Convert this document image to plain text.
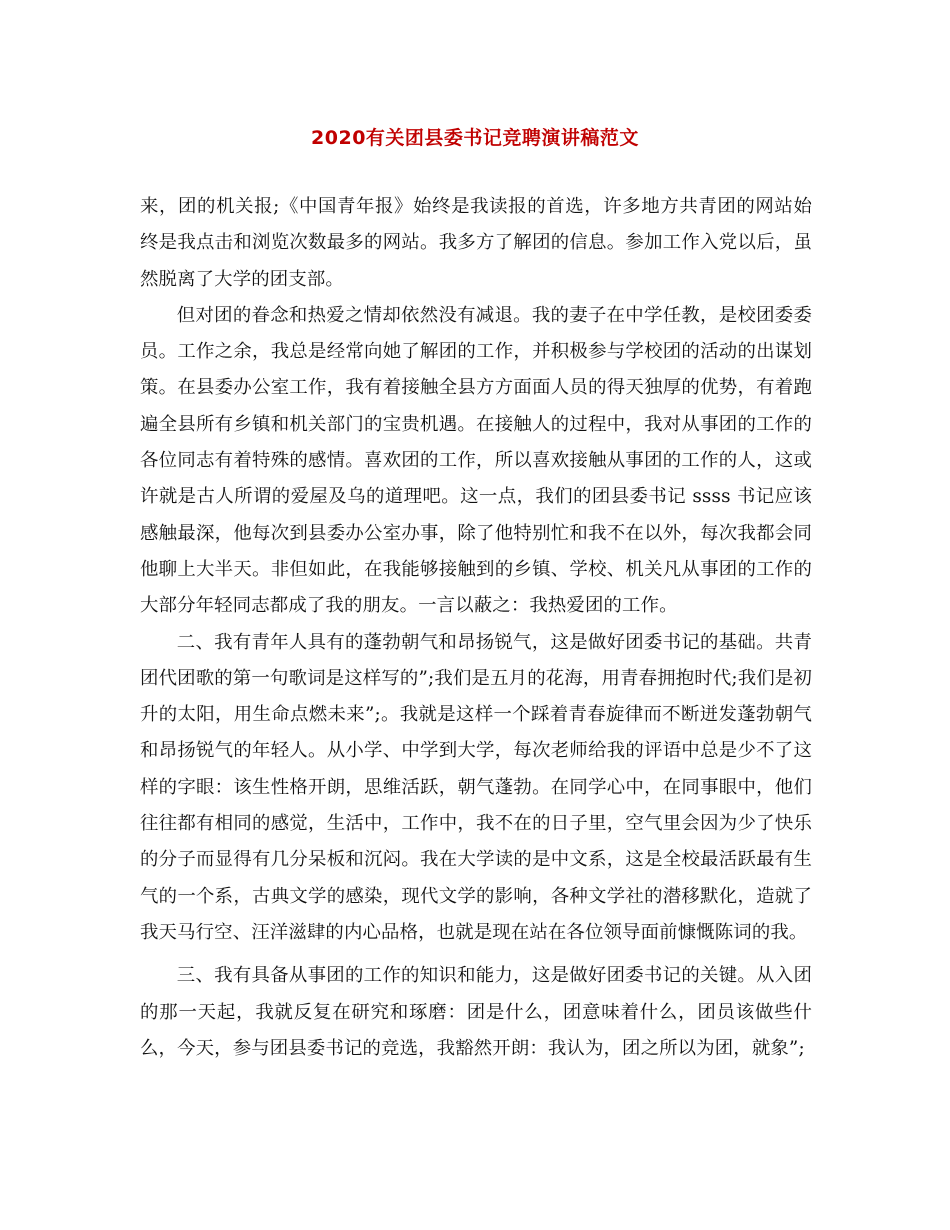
2020有关团县委书记竞聘演讲稿范文

来，团的机关报;《中国青年报》始终是我读报的首选，许多地方共青团的网站始终是我点击和浏览次数最多的网站。我多方了解团的信息。参加工作入党以后，虽然脱离了大学的团支部。

但对团的眷念和热爱之情却依然没有减退。我的妻子在中学任教，是校团委委员。工作之余，我总是经常向她了解团的工作，并积极参与学校团的活动的出谋划策。在县委办公室工作，我有着接触全县方方面面人员的得天独厚的优势，有着跑遍全县所有乡镇和机关部门的宝贵机遇。在接触人的过程中，我对从事团的工作的各位同志有着特殊的感情。喜欢团的工作，所以喜欢接触从事团的工作的人，这或许就是古人所谓的爱屋及乌的道理吧。这一点，我们的团县委书记 ssss 书记应该感触最深，他每次到县委办公室办事，除了他特别忙和我不在以外，每次我都会同他聊上大半天。非但如此，在我能够接触到的乡镇、学校、机关凡从事团的工作的大部分年轻同志都成了我的朋友。一言以蔽之：我热爱团的工作。

二、我有青年人具有的蓬勃朝气和昂扬锐气，这是做好团委书记的基础。共青团代团歌的第一句歌词是这样写的”;我们是五月的花海，用青春拥抱时代;我们是初升的太阳，用生命点燃未来”;。我就是这样一个踩着青春旋律而不断迸发蓬勃朝气和昂扬锐气的年轻人。从小学、中学到大学，每次老师给我的评语中总是少不了这样的字眼：该生性格开朗，思维活跃，朝气蓬勃。在同学心中，在同事眼中，他们往往都有相同的感觉，生活中，工作中，我不在的日子里，空气里会因为少了快乐的分子而显得有几分呆板和沉闷。我在大学读的是中文系，这是全校最活跃最有生气的一个系，古典文学的感染，现代文学的影响，各种文学社的潜移默化，造就了我天马行空、汪洋滋肆的内心品格，也就是现在站在各位领导面前慷慨陈词的我。

三、我有具备从事团的工作的知识和能力，这是做好团委书记的关键。从入团的那一天起，我就反复在研究和琢磨：团是什么，团意味着什么，团员该做些什么，今天，参与团县委书记的竞选，我豁然开朗：我认为，团之所以为团，就象”;
